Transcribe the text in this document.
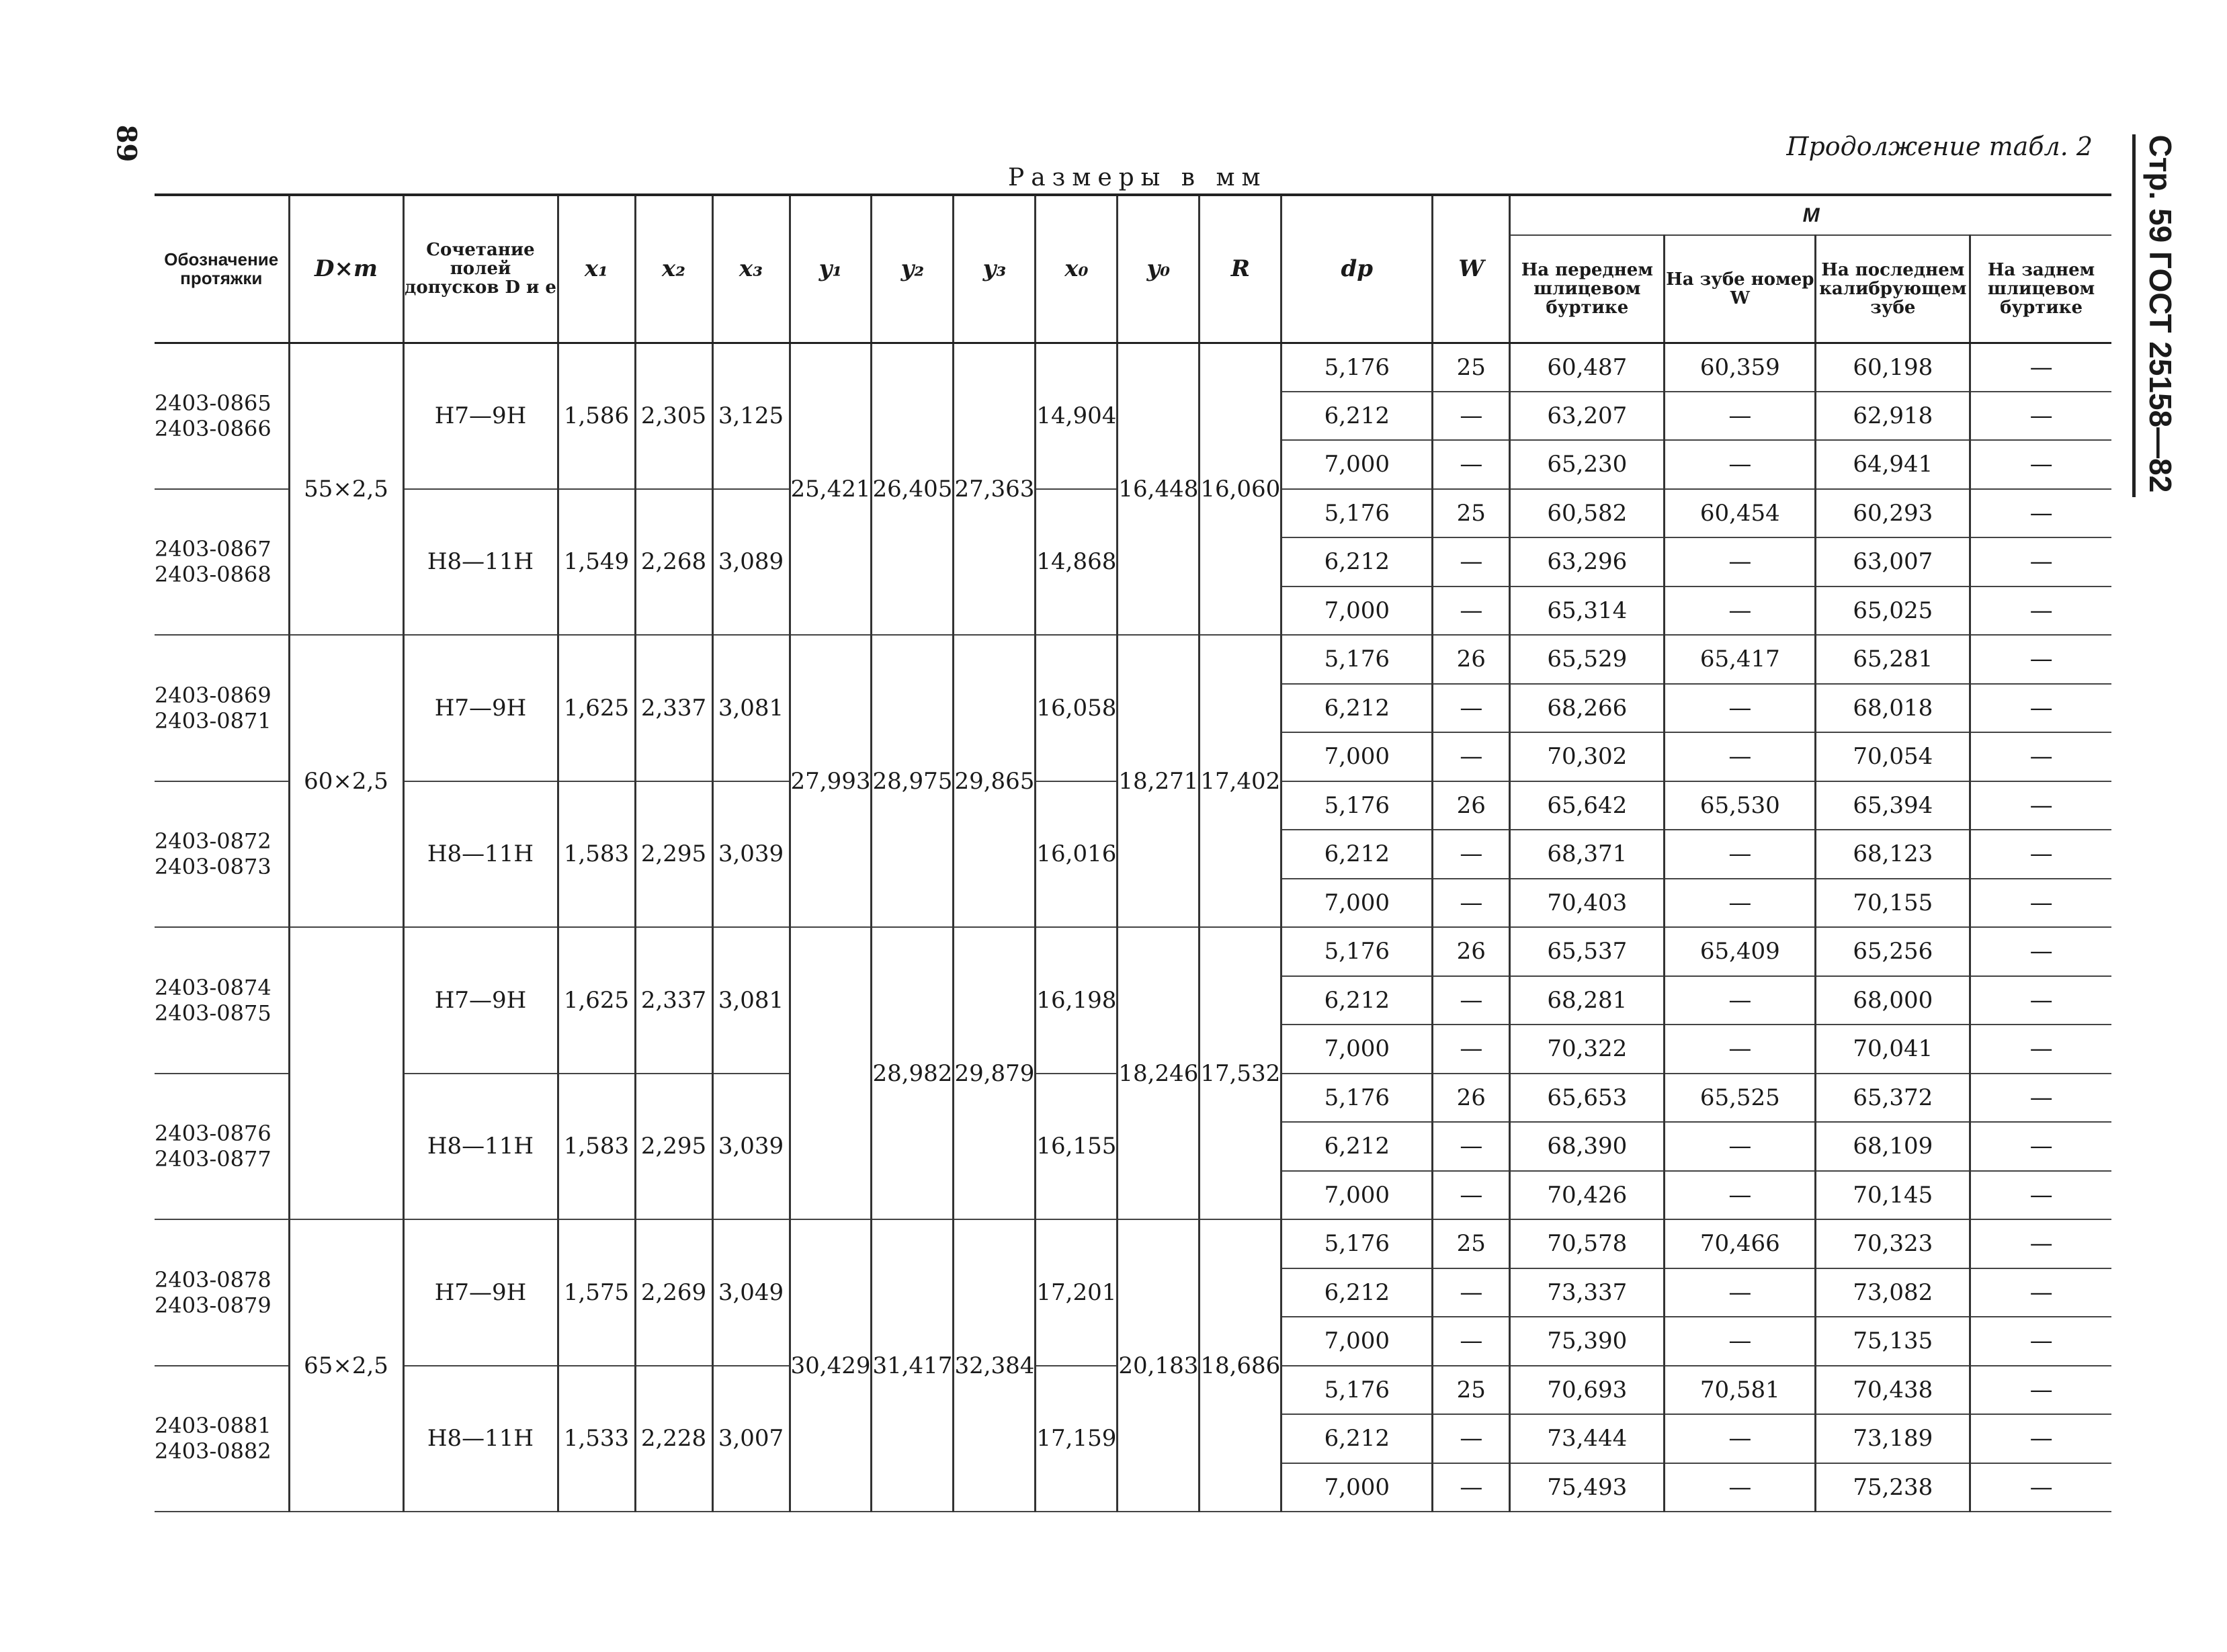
89	Продолжение табл. 2 Стр. 59 ГОСТ 25158—82
Размеры в мм
Обозначение протяжки	D×m	Сочетание полей допусков D и e	x₁	x₂	x₃	y₁	y₂	y₃	x₀	y₀	R	dp	W	M			
														На переднем шлицевом буртике	На зубе номер W	На последнем калибрующем зубе	На заднем шлицевом буртике

2403-0865
2403-0866	55×2,5	H7—9H	1,586	2,305	3,125	25,421	26,405	27,363	14,904	16,448	16,060	5,176	25	60,487	60,359	60,198	—
												6,212	—	63,207	—	62,918	—
												7,000	—	65,230	—	64,941	—

2403-0867
2403-0868		H8—11H	1,549	2,268	3,089				14,868			5,176	25	60,582	60,454	60,293	—
												6,212	—	63,296	—	63,007	—
												7,000	—	65,314	—	65,025	—

2403-0869
2403-0871	60×2,5	H7—9H	1,625	2,337	3,081	27,993	28,975	29,865	16,058	18,271	17,402	5,176	26	65,529	65,417	65,281	—
												6,212	—	68,266	—	68,018	—
												7,000	—	70,302	—	70,054	—

2403-0872
2403-0873		H8—11H	1,583	2,295	3,039				16,016			5,176	26	65,642	65,530	65,394	—
												6,212	—	68,371	—	68,123	—
												7,000	—	70,403	—	70,155	—

2403-0874
2403-0875		H7—9H	1,625	2,337	3,081		28,982	29,879	16,198	18,246	17,532	5,176	26	65,537	65,409	65,256	—
												6,212	—	68,281	—	68,000	—
												7,000	—	70,322	—	70,041	—

2403-0876
2403-0877		H8—11H	1,583	2,295	3,039				16,155			5,176	26	65,653	65,525	65,372	—
												6,212	—	68,390	—	68,109	—
												7,000	—	70,426	—	70,145	—

2403-0878
2403-0879	65×2,5	H7—9H	1,575	2,269	3,049	30,429	31,417	32,384	17,201	20,183	18,686	5,176	25	70,578	70,466	70,323	—
												6,212	—	73,337	—	73,082	—
												7,000	—	75,390	—	75,135	—

2403-0881
2403-0882		H8—11H	1,533	2,228	3,007				17,159			5,176	25	70,693	70,581	70,438	—
												6,212	—	73,444	—	73,189	—
												7,000	—	75,493	—	75,238	—
